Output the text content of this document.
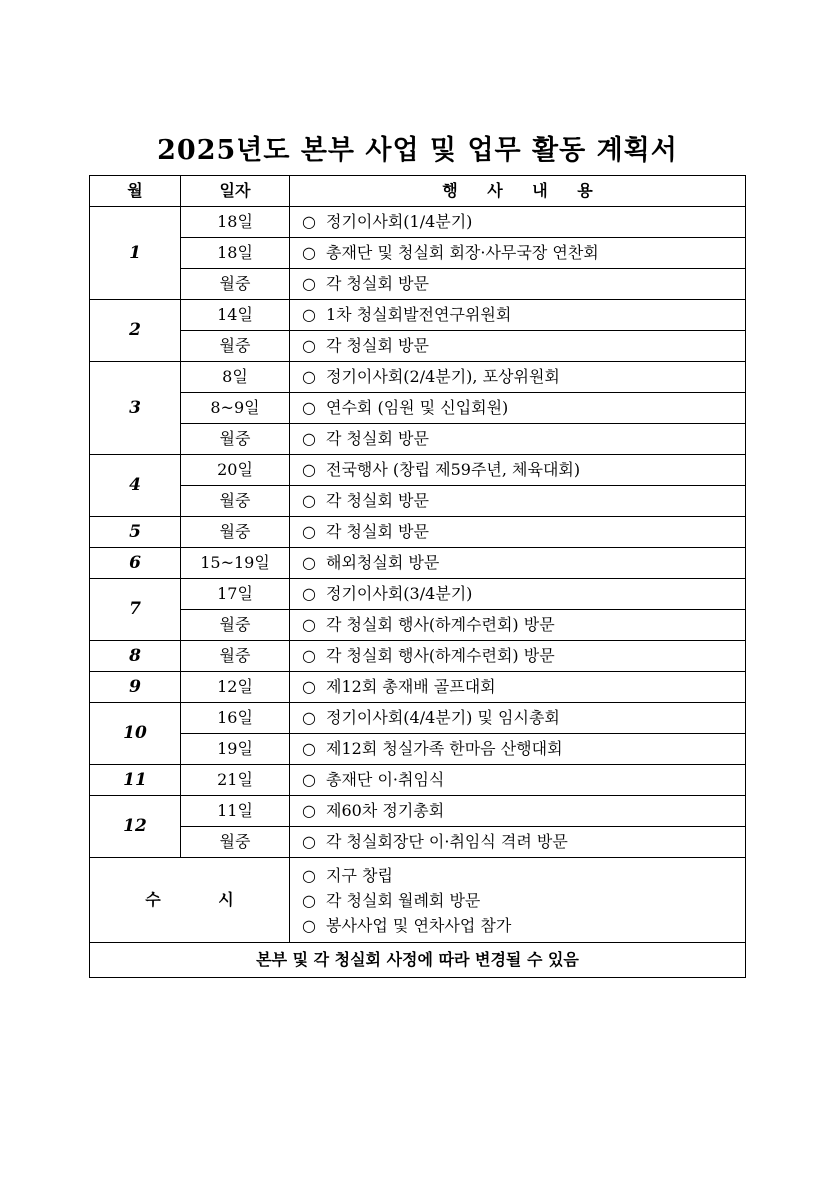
2025년도 본부 사업 및 업무 활동 계획서
월	일자	행 사 내 용
1	18일	○ 정기이사회(1/4분기)
	18일	○ 총재단 및 청실회 회장·사무국장 연찬회
	월중	○ 각 청실회 방문
2	14일	○ 1차 청실회발전연구위원회
	월중	○ 각 청실회 방문
3	8일	○ 정기이사회(2/4분기), 포상위원회
	8~9일	○ 연수회 (임원 및 신입회원)
	월중	○ 각 청실회 방문
4	20일	○ 전국행사 (창립 제59주년, 체육대회)
	월중	○ 각 청실회 방문
5	월중	○ 각 청실회 방문
6	15~19일	○ 해외청실회 방문
7	17일	○ 정기이사회(3/4분기)
	월중	○ 각 청실회 행사(하계수련회) 방문
8	월중	○ 각 청실회 행사(하계수련회) 방문
9	12일	○ 제12회 총재배 골프대회
10	16일	○ 정기이사회(4/4분기) 및 임시총회
	19일	○ 제12회 청실가족 한마음 산행대회
11	21일	○ 총재단 이·취임식
12	11일	○ 제60차 정기총회
	월중	○ 각 청실회장단 이·취임식 격려 방문
수 시		○ 지구 창립
○ 각 청실회 월례회 방문
○ 봉사사업 및 연차사업 참가

본부 및 각 청실회 사정에 따라 변경될 수 있음		
